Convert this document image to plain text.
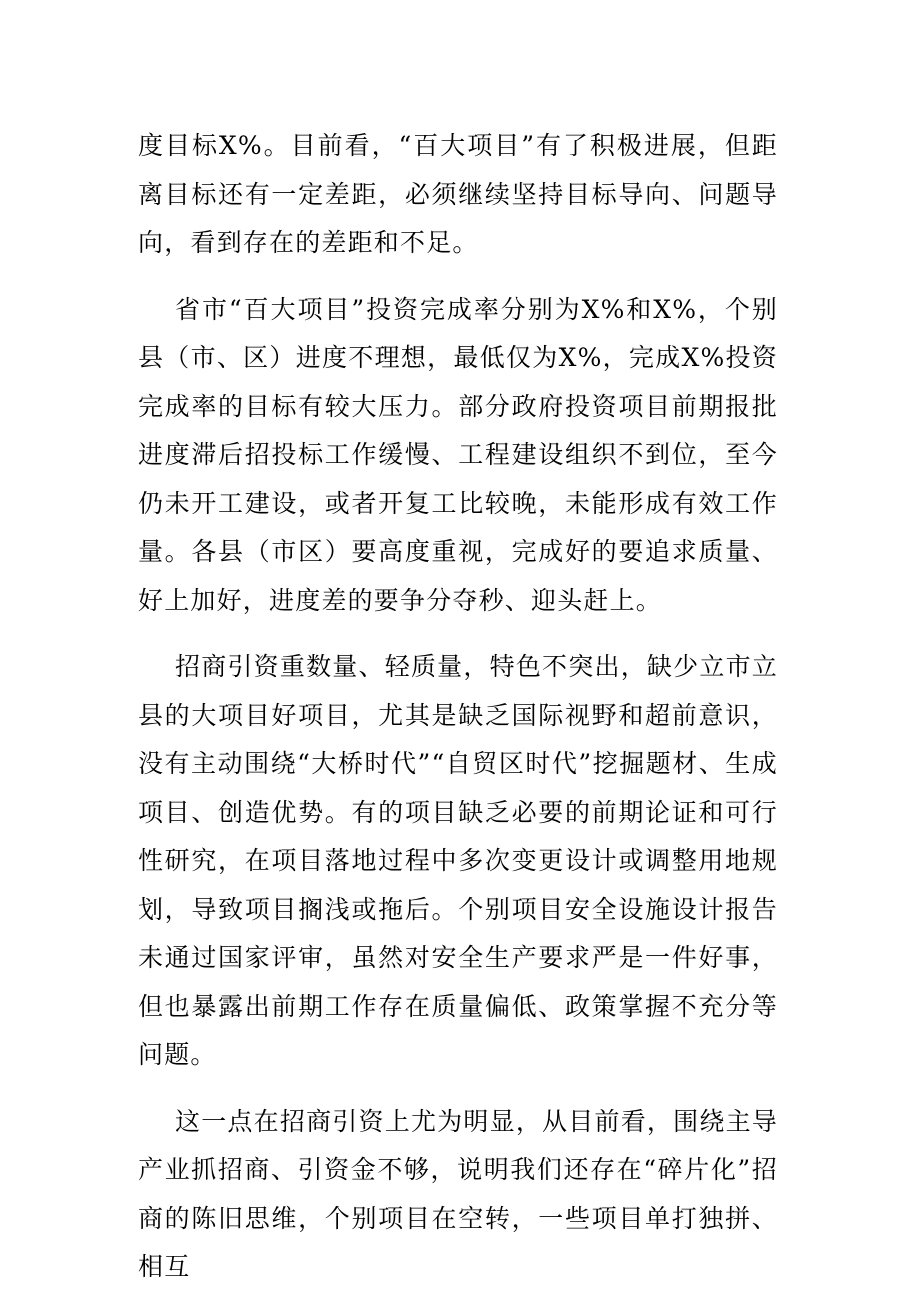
度目标X%。目前看，“百大项目”有了积极进展，但距离目标还有一定差距，必须继续坚持目标导向、问题导向，看到存在的差距和不足。

省市“百大项目”投资完成率分别为X%和X%，个别县（市、区）进度不理想，最低仅为X%，完成X%投资完成率的目标有较大压力。部分政府投资项目前期报批进度滞后招投标工作缓慢、工程建设组织不到位，至今仍未开工建设，或者开复工比较晚，未能形成有效工作量。各县（市区）要高度重视，完成好的要追求质量、好上加好，进度差的要争分夺秒、迎头赶上。

招商引资重数量、轻质量，特色不突出，缺少立市立县的大项目好项目，尤其是缺乏国际视野和超前意识，没有主动围绕“大桥时代”“自贸区时代”挖掘题材、生成项目、创造优势。有的项目缺乏必要的前期论证和可行性研究，在项目落地过程中多次变更设计或调整用地规划，导致项目搁浅或拖后。个别项目安全设施设计报告未通过国家评审，虽然对安全生产要求严是一件好事，但也暴露出前期工作存在质量偏低、政策掌握不充分等问题。

这一点在招商引资上尤为明显，从目前看，围绕主导产业抓招商、引资金不够，说明我们还存在“碎片化”招商的陈旧思维，个别项目在空转，一些项目单打独拼、相互
